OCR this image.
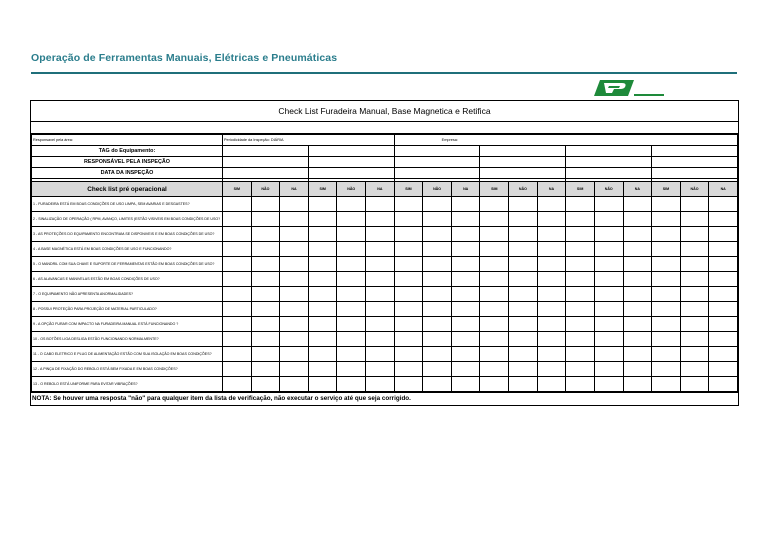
Operação de Ferramentas Manuais, Elétricas e Pneumáticas
Check List Furadeira Manual, Base Magnetica e Retifica
Responsavel pela área:	Periodicidade da Inspeção: DIÁRIA						Empresa:											
TAG do Equipamento:																		
RESPONSÁVEL PELA INSPEÇÃO																		
DATA DA INSPEÇÃO																		

Check list pré operacional	SIM	NÃO	NA	SIM	NÃO	NA	SIM	NÃO	NA	SIM	NÃO	NA	SIM	NÃO	NA	SIM	NÃO	NA
1 - FURADEIRA ESTÁ EM BOAS CONDIÇÕES DE USO LIMPA, SEM AVARIAS E DESGASTES?																		
2 - SINALIZAÇÃO DE OPERAÇÃO ( RPM, AVANÇO, LIMITES )ESTÃO VISIVEIS EM BOAS CONDIÇÕES DE USO?																		
3 - AS PROTEÇÕES DO EQUIPAMENTO ENCONTRAM-SE DISPONIVEIS E EM BOAS CONDIÇÕES DE USO?																		
4 - A BASE MAGNÉTICA ESTÁ EM BOAS CONDIÇÕES DE USO E FUNCIONANDO?																		
5 - O MANDRIL COM SUA CHAVE E SUPORTE DE FERRAMENTAS ESTÃO EM BOAS CONDIÇÕES DE USO?																		
6 - AS ALAVANCAS E MANIVELAS ESTÃO EM BOAS CONDIÇÕES DE USO?																		
7 - O EQUIPAMENTO NÃO APRESENTA ANORMALIDADES?																		
8 - POSSUI PROTEÇÃO PARA PROJEÇÃO DE MATERIAL PARTICULADO?																		
9 - A OPÇÃO FURAR COM IMPACTO NA FURADEIRA MANUAL ESTÁ FUNCIONANDO ?																		
10 - OS BOTÕES LIGA DESLIGA ESTÃO FUNCIONANDO NORMALMENTE?																		
11 - O CABO ELETRICO E PLUG DE ALIMENTAÇÃO ESTÃO COM SUA ISOLAÇÃO EM BOAS CONDIÇÕES?																		
12 - A PINÇA DE FIXAÇÃO DO REBOLO ESTÁ BEM FIXADA E EM BOAS CONDIÇÕES?																		
13 - O REBOLO ESTÁ UNIFORME PARA EVITAR VIBRAÇÕES?																		
NOTA: Se houver uma resposta "não" para qualquer item da lista de verificação, não executar o serviço até que seja corrigido.
